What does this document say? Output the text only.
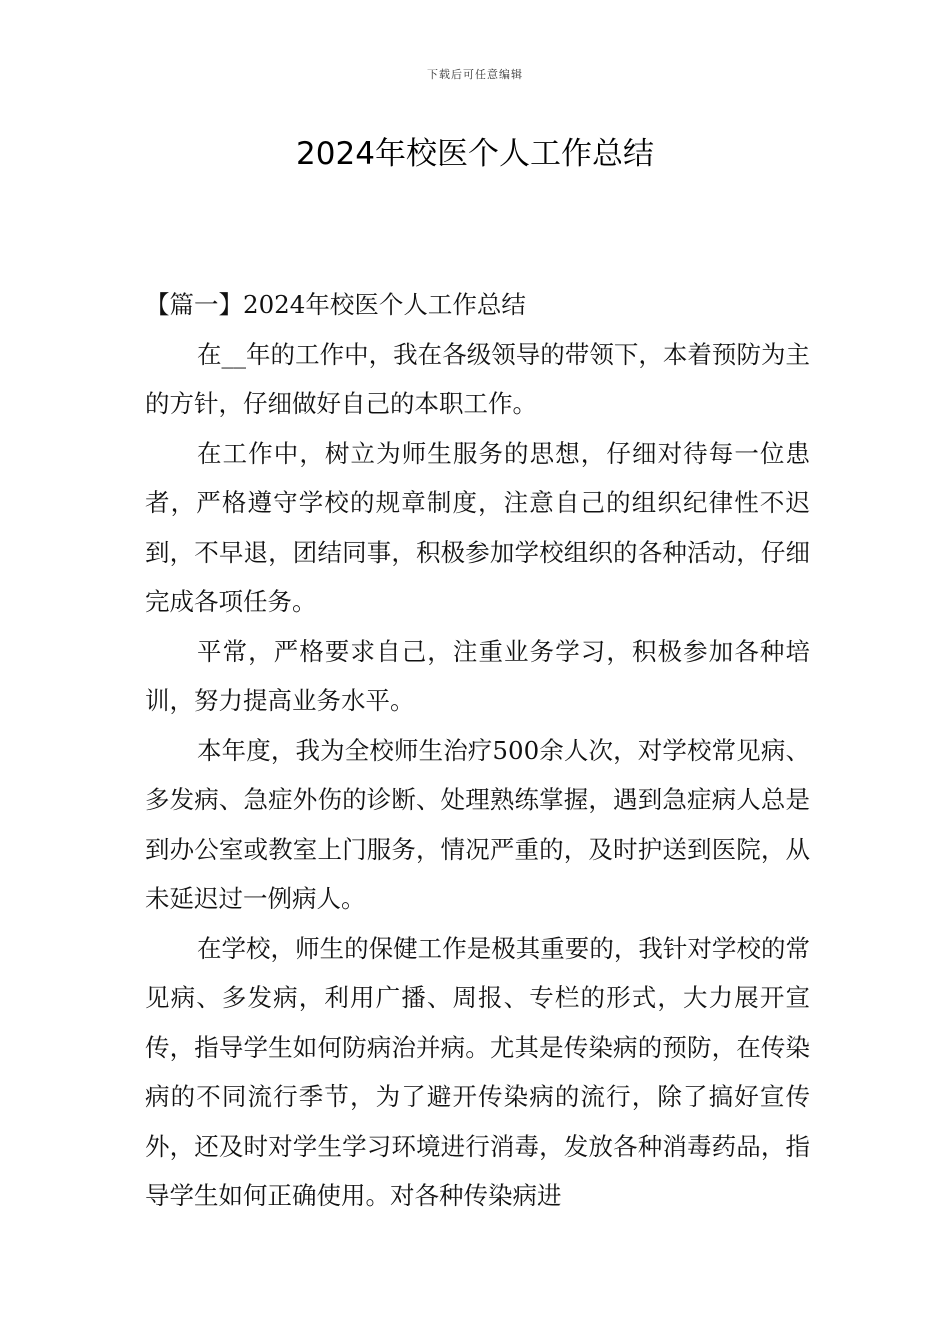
下载后可任意编辑
2024年校医个人工作总结

【篇一】2024年校医个人工作总结

在__年的工作中，我在各级领导的带领下，本着预防为主的方针，仔细做好自己的本职工作。

在工作中，树立为师生服务的思想，仔细对待每一位患者，严格遵守学校的规章制度，注意自己的组织纪律性不迟到，不早退，团结同事，积极参加学校组织的各种活动，仔细完成各项任务。

平常，严格要求自己，注重业务学习，积极参加各种培训，努力提高业务水平。

本年度，我为全校师生治疗500余人次，对学校常见病、多发病、急症外伤的诊断、处理熟练掌握，遇到急症病人总是到办公室或教室上门服务，情况严重的，及时护送到医院，从未延迟过一例病人。

在学校，师生的保健工作是极其重要的，我针对学校的常见病、多发病，利用广播、周报、专栏的形式，大力展开宣传，指导学生如何防病治并病。尤其是传染病的预防，在传染病的不同流行季节，为了避开传染病的流行，除了搞好宣传外，还及时对学生学习环境进行消毒，发放各种消毒药品，指导学生如何正确使用。对各种传染病进
